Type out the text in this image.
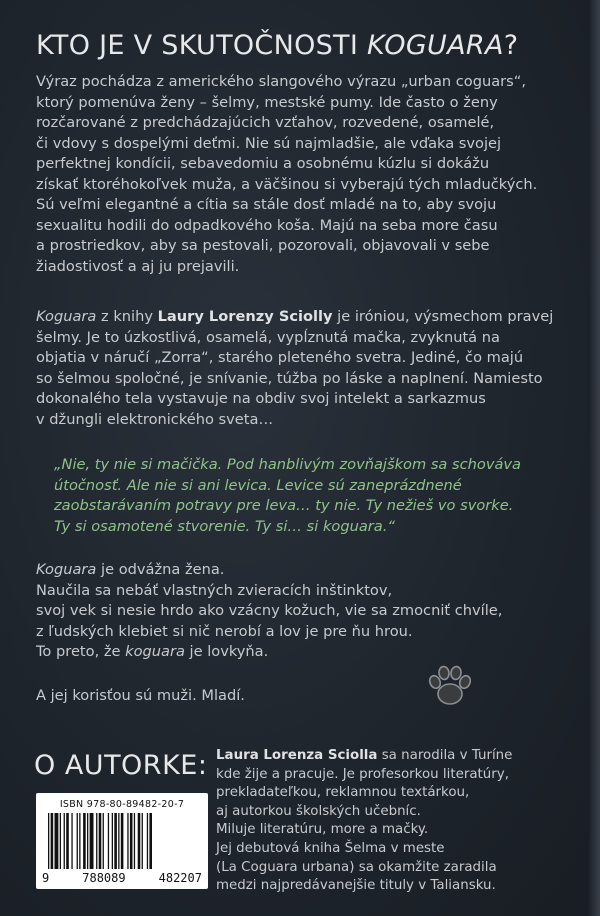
KTO JE V SKUTOČNOSTI KOGUARA?
Výraz pochádza z amerického slangového výrazu „urban coguars“,
ktorý pomenúva ženy – šelmy, mestské pumy. Ide často o ženy
rozčarované z predchádzajúcich vzťahov, rozvedené, osamelé,
či vdovy s dospelými deťmi. Nie sú najmladšie, ale vďaka svojej
perfektnej kondícii, sebavedomiu a osobnému kúzlu si dokážu
získať ktoréhokoľvek muža, a väčšinou si vyberajú tých mladučkých.
Sú veľmi elegantné a cítia sa stále dosť mladé na to, aby svoju
sexualitu hodili do odpadkového koša. Majú na seba more času
a prostriedkov, aby sa pestovali, pozorovali, objavovali v sebe
žiadostivosť a aj ju prejavili.
Koguara z knihy Laury Lorenzy Sciolly je iróniou, výsmechom pravej
šelmy. Je to úzkostlivá, osamelá, vypĺznutá mačka, zvyknutá na
objatia v náručí „Zorra“, starého pleteného svetra. Jediné, čo majú
so šelmou spoločné, je snívanie, túžba po láske a naplnení. Namiesto
dokonalého tela vystavuje na obdiv svoj intelekt a sarkazmus
v džungli elektronického sveta…
„Nie, ty nie si mačička. Pod hanblivým zovňajškom sa schováva
útočnosť. Ale nie si ani levica. Levice sú zaneprázdnené
zaobstarávaním potravy pre leva… ty nie. Ty nežieš vo svorke.
Ty si osamotené stvorenie. Ty si… si koguara.“
Koguara je odvážna žena.
Naučila sa nebáť vlastných zvieracích inštinktov,
svoj vek si nesie hrdo ako vzácny kožuch, vie sa zmocniť chvíle,
z ľudských klebiet si nič nerobí a lov je pre ňu hrou.
To preto, že koguara je lovkyňa.
A jej korisťou sú muži. Mladí.
O AUTORKE: Laura Lorenza Sciolla sa narodila v Turíne
kde žije a pracuje. Je profesorkou literatúry,
prekladateľkou, reklamnou textárkou,
aj autorkou školských učebníc.
Miluje literatúru, more a mačky.
Jej debutová kniha Šelma v meste
(La Coguara urbana) sa okamžite zaradila
medzi najpredávanejšie tituly v Taliansku.
ISBN 978-80-89482-20-7
9	788089	482207
